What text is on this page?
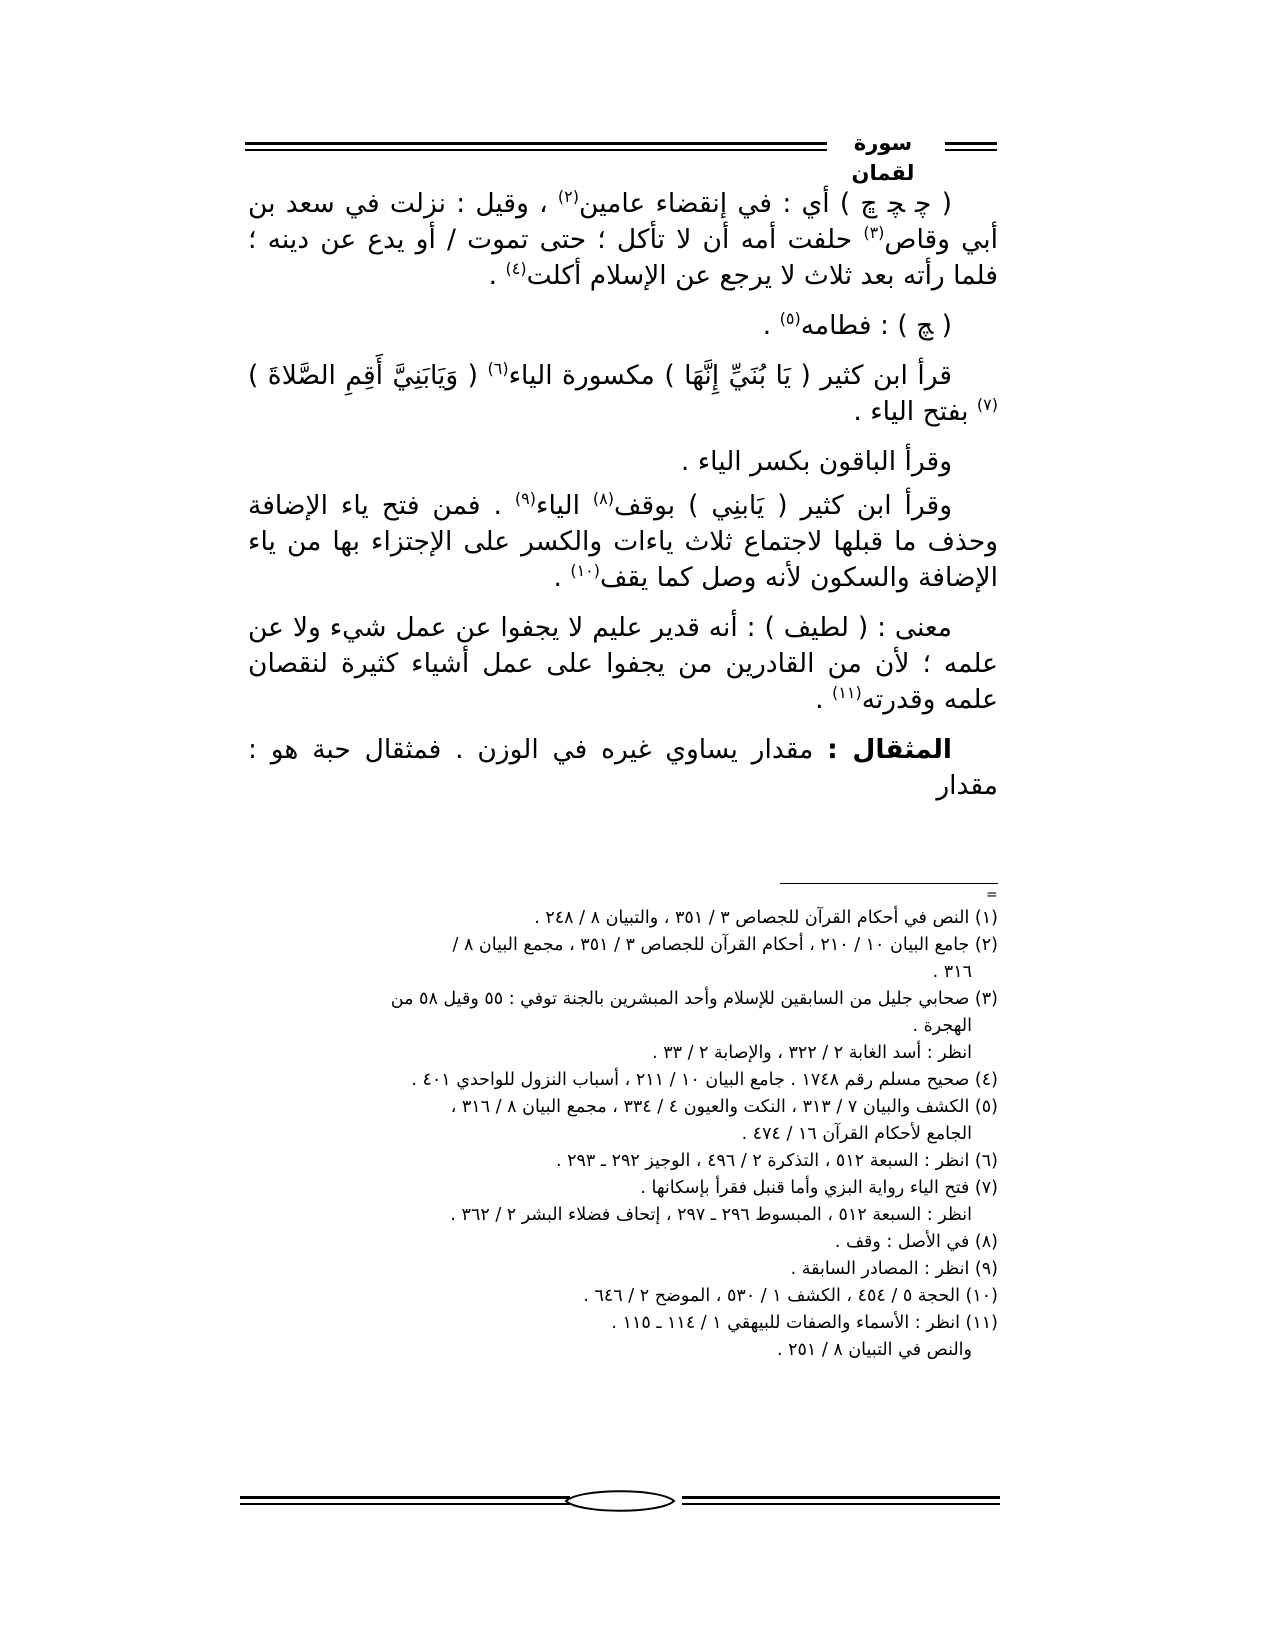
سورة لقمان

( ﭼ ﭽ ﭾ ) أي : في إنقضاء عامين$^{(٢)}$ ، وقيل : نزلت في سعد بن أبي وقاص$^{(٣)}$ حلفت أمه أن لا تأكل ؛ حتى تموت / أو يدع عن دينه ؛ فلما رأته بعد ثلاث لا يرجع عن الإسلام أكلت$^{(٤)}$ .

( ﭻ ) : فطامه$^{(٥)}$ .

قرأ ابن كثير ( يَا بُنَيِّ إِنَّهَا ) مكسورة الياء$^{(٦)}$ ( وَيَابَنِيَّ أَقِمِ الصَّلاةَ )$^{(٧)}$ بفتح الياء .

وقرأ الباقون بكسر الياء .

وقرأ ابن كثير ( يَابنِي ) بوقف$^{(٨)}$ الياء$^{(٩)}$ . فمن فتح ياء الإضافة وحذف ما قبلها لاجتماع ثلاث ياءات والكسر على الإجتزاء بها من ياء الإضافة والسكون لأنه وصل كما يقف$^{(١٠)}$ .

معنى : ( لطيف ) : أنه قدير عليم لا يجفوا عن عمل شيء ولا عن علمه ؛ لأن من القادرين من يجفوا على عمل أشياء كثيرة لنقصان علمه وقدرته$^{(١١)}$ .

المثقال : مقدار يساوي غيره في الوزن . فمثقال حبة هو : مقدار

=

(١) النص في أحكام القرآن للجصاص ٣ / ٣٥١ ، والتبيان ٨ / ٢٤٨ .

(٢) جامع البيان ١٠ / ٢١٠ ، أحكام القرآن للجصاص ٣ / ٣٥١ ، مجمع البيان ٨ /
٣١٦ .

(٣) صحابي جليل من السابقين للإسلام وأحد المبشرين بالجنة توفي : ٥٥ وقيل ٥٨ من
الهجرة .

انظر : أسد الغابة ٢ / ٣٢٢ ، والإصابة ٢ / ٣٣ .

(٤) صحيح مسلم رقم ١٧٤٨ . جامع البيان ١٠ / ٢١١ ، أسباب النزول للواحدي ٤٠١ .

(٥) الكشف والبيان ٧ / ٣١٣ ، النكت والعيون ٤ / ٣٣٤ ، مجمع البيان ٨ / ٣١٦ ،
الجامع لأحكام القرآن ١٦ / ٤٧٤ .

(٦) انظر : السبعة ٥١٢ ، التذكرة ٢ / ٤٩٦ ، الوجيز ٢٩٢ ـ ٢٩٣ .

(٧) فتح الياء رواية البزي وأما قنبل فقرأ بإسكانها .

انظر : السبعة ٥١٢ ، المبسوط ٢٩٦ ـ ٢٩٧ ، إتحاف فضلاء البشر ٢ / ٣٦٢ .

(٨) في الأصل : وقف .

(٩) انظر : المصادر السابقة .

(١٠) الحجة ٥ / ٤٥٤ ، الكشف ١ / ٥٣٠ ، الموضح ٢ / ٦٤٦ .

(١١) انظر : الأسماء والصفات للبيهقي ١ / ١١٤ ـ ١١٥ .

والنص في التبيان ٨ / ٢٥١ .
